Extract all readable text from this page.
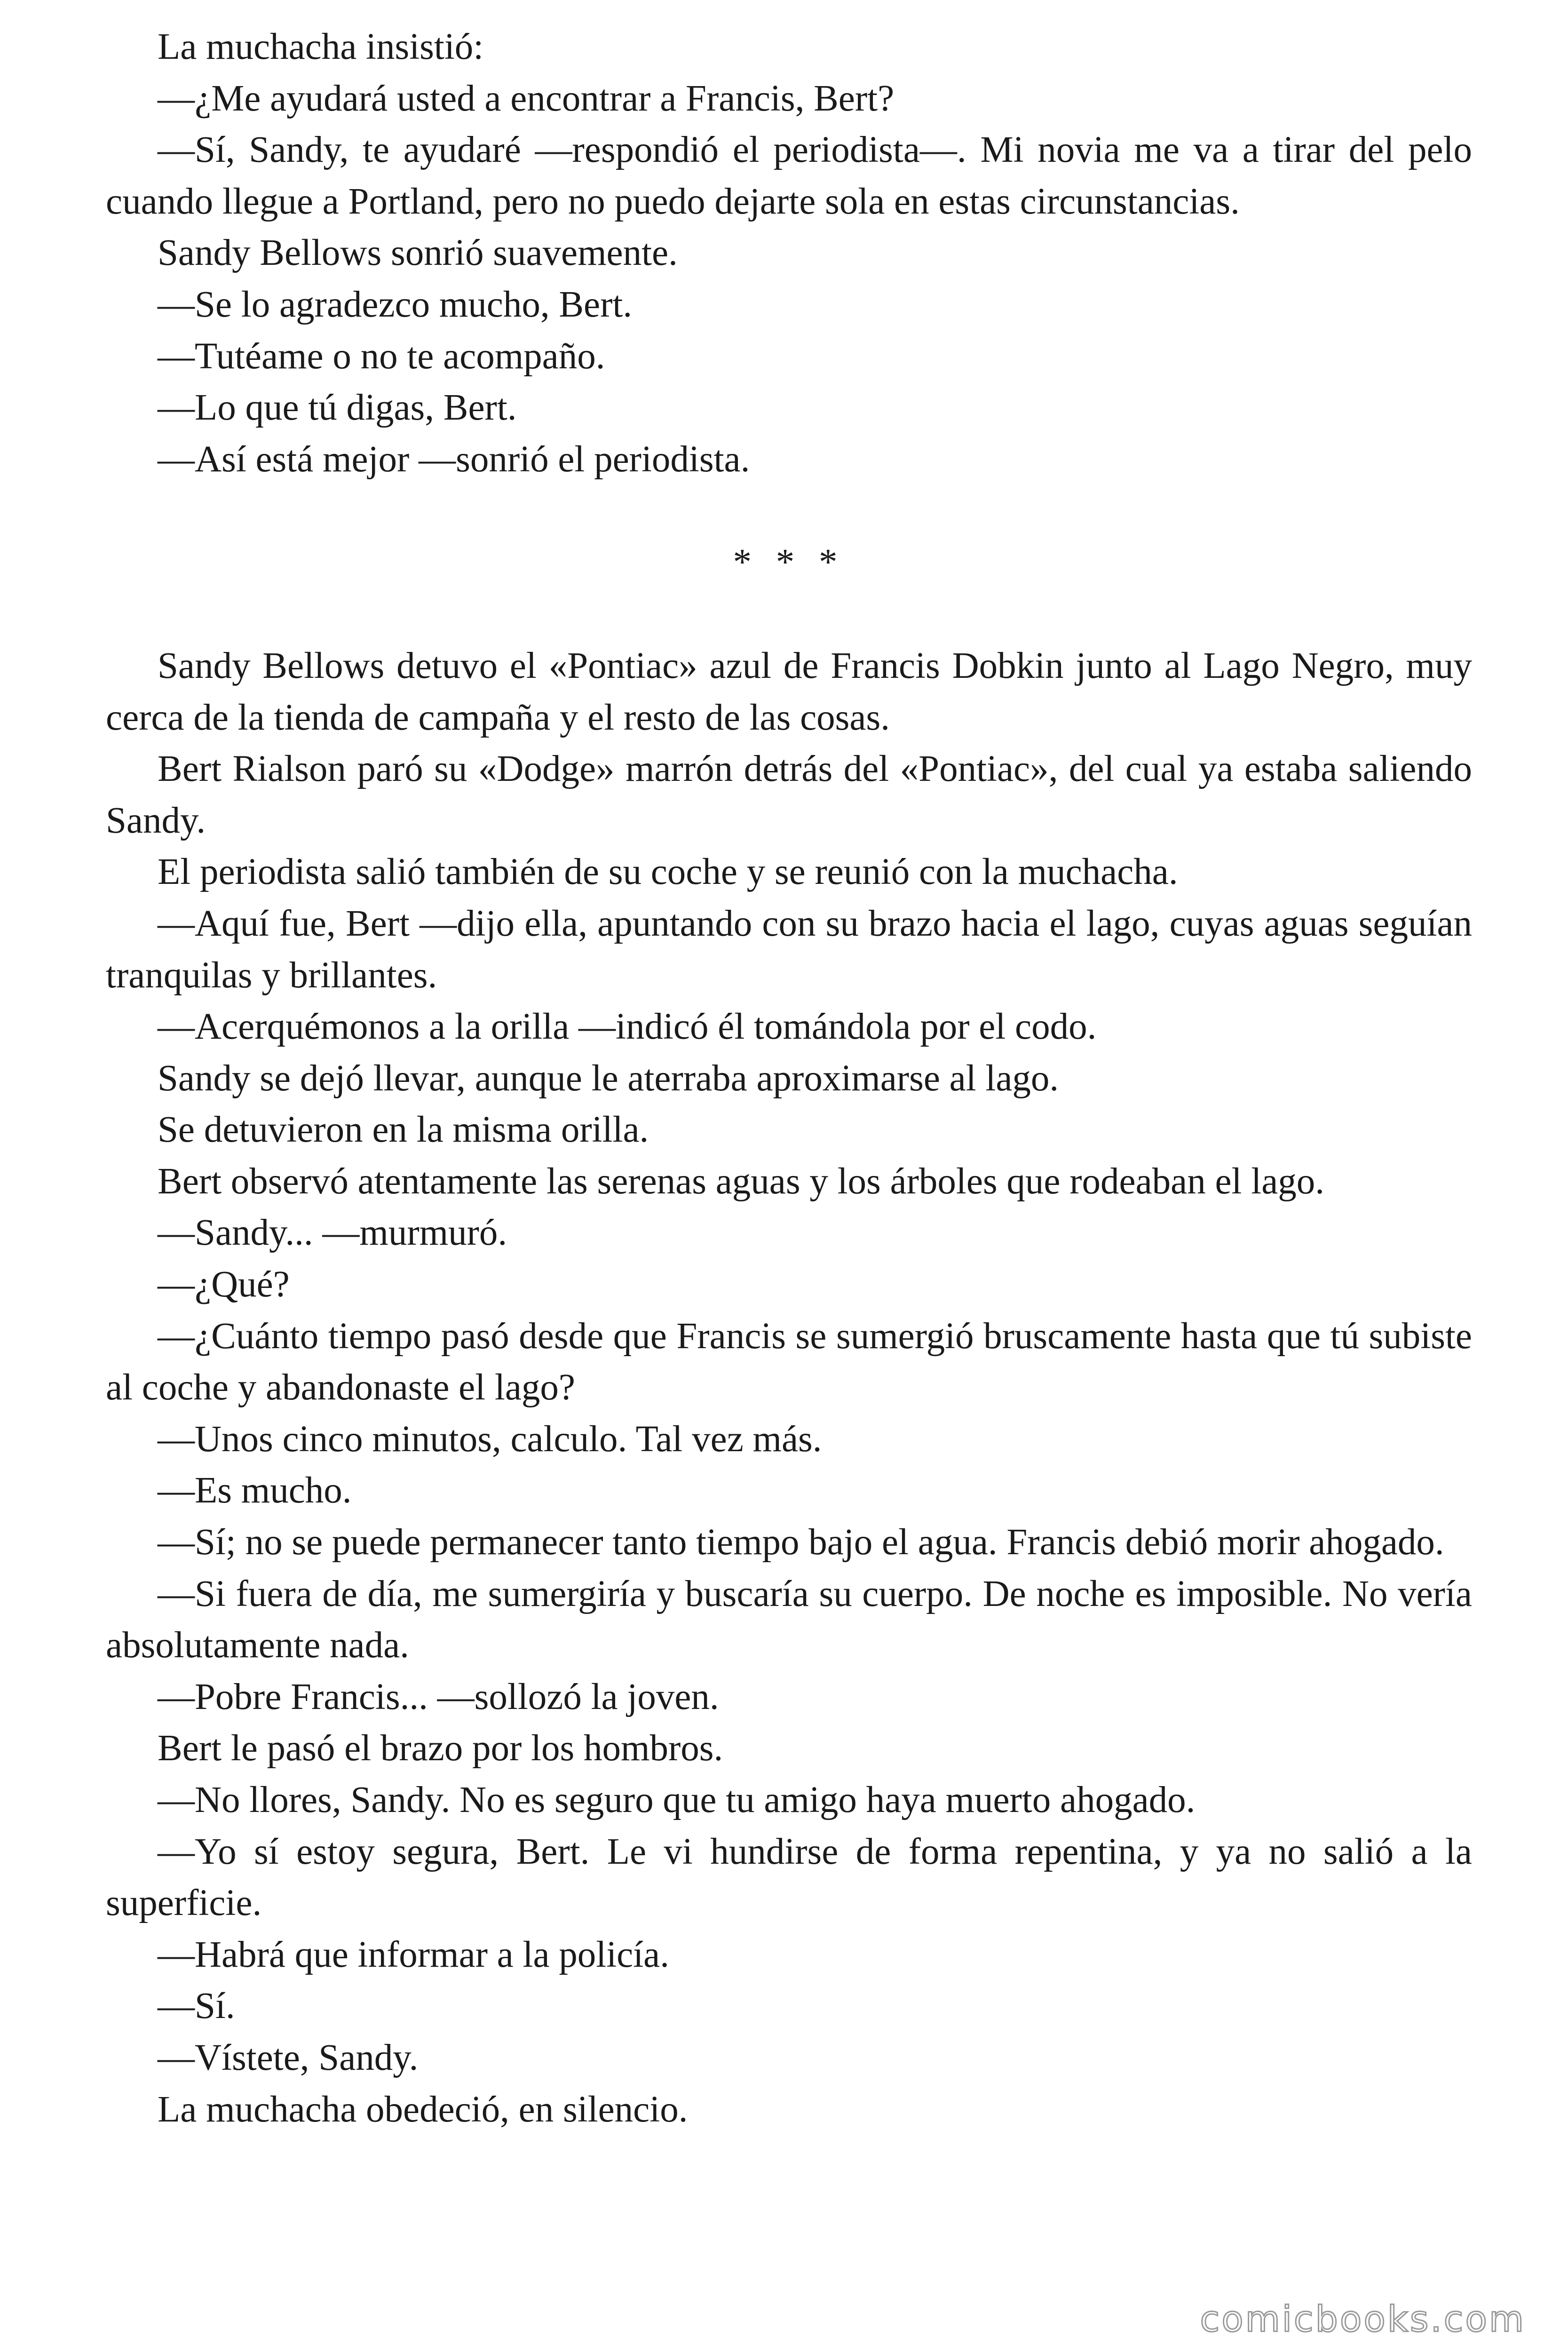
La muchacha insistió:

—¿Me ayudará usted a encontrar a Francis, Bert?

—Sí, Sandy, te ayudaré —respondió el periodista—. Mi novia me va a tirar del pelo cuando llegue a Portland, pero no puedo dejarte sola en estas circunstancias.

Sandy Bellows sonrió suavemente.

—Se lo agradezco mucho, Bert.

—Tutéame o no te acompaño.

—Lo que tú digas, Bert.

—Así está mejor —sonrió el periodista.

* * *

Sandy Bellows detuvo el «Pontiac» azul de Francis Dobkin junto al Lago Negro, muy cerca de la tienda de campaña y el resto de las cosas.

Bert Rialson paró su «Dodge» marrón detrás del «Pontiac», del cual ya estaba saliendo Sandy.

El periodista salió también de su coche y se reunió con la muchacha.

—Aquí fue, Bert —dijo ella, apuntando con su brazo hacia el lago, cuyas aguas seguían tranquilas y brillantes.

—Acerquémonos a la orilla —indicó él tomándola por el codo.

Sandy se dejó llevar, aunque le aterraba aproximarse al lago.

Se detuvieron en la misma orilla.

Bert observó atentamente las serenas aguas y los árboles que rodeaban el lago.

—Sandy... —murmuró.

—¿Qué?

—¿Cuánto tiempo pasó desde que Francis se sumergió bruscamente hasta que tú subiste al coche y abandonaste el lago?

—Unos cinco minutos, calculo. Tal vez más.

—Es mucho.

—Sí; no se puede permanecer tanto tiempo bajo el agua. Francis debió morir ahogado.

—Si fuera de día, me sumergiría y buscaría su cuerpo. De noche es imposible. No vería absolutamente nada.

—Pobre Francis... —sollozó la joven.

Bert le pasó el brazo por los hombros.

—No llores, Sandy. No es seguro que tu amigo haya muerto ahogado.

—Yo sí estoy segura, Bert. Le vi hundirse de forma repentina, y ya no salió a la superficie.

—Habrá que informar a la policía.

—Sí.

—Vístete, Sandy.

La muchacha obedeció, en silencio.

comicbooks.com
